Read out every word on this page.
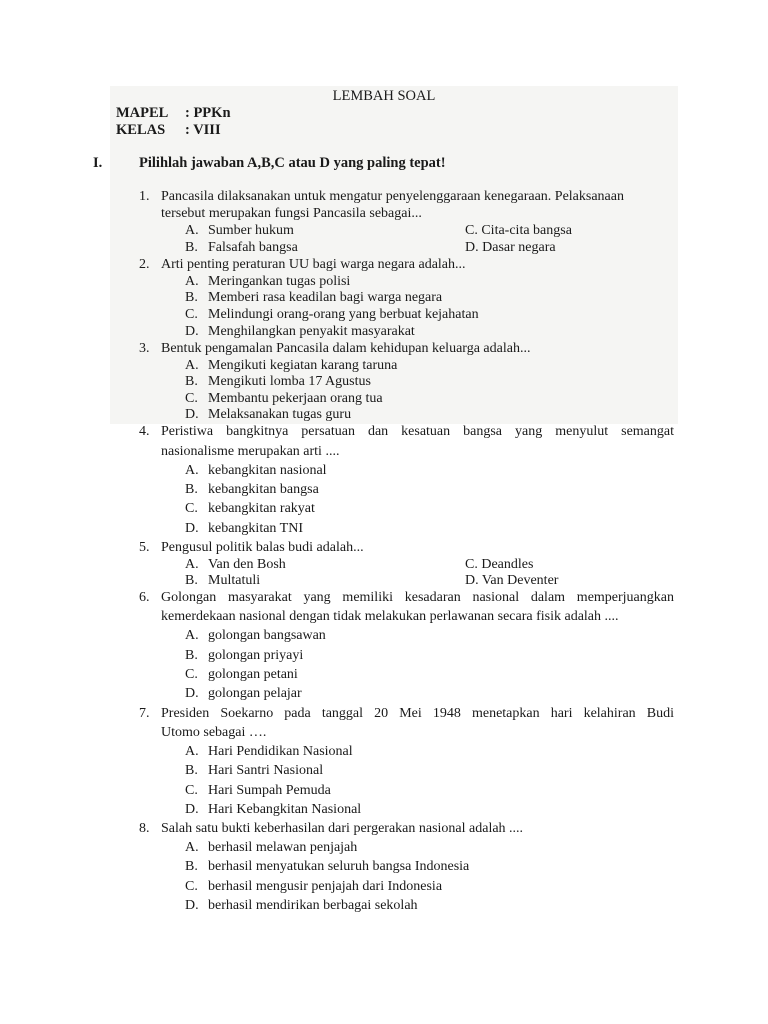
LEMBAH SOAL
MAPEL : PPKn
KELAS : VIII
I.	Pilihlah jawaban A,B,C atau D yang paling tepat!
1. Pancasila dilaksanakan untuk mengatur penyelenggaraan kenegaraan. Pelaksanaan
tersebut merupakan fungsi Pancasila sebagai...
A. Sumber hukum	C. Cita-cita bangsa
B. Falsafah bangsa	D. Dasar negara
2. Arti penting peraturan UU bagi warga negara adalah...
A. Meringankan tugas polisi
B. Memberi rasa keadilan bagi warga negara
C. Melindungi orang-orang yang berbuat kejahatan
D. Menghilangkan penyakit masyarakat
3. Bentuk pengamalan Pancasila dalam kehidupan keluarga adalah...
A. Mengikuti kegiatan karang taruna
B. Mengikuti lomba 17 Agustus
C. Membantu pekerjaan orang tua
D. Melaksanakan tugas guru
4. Peristiwa bangkitnya persatuan dan kesatuan bangsa yang menyulut semangat
nasionalisme merupakan arti ....
A. kebangkitan nasional
B. kebangkitan bangsa
C. kebangkitan rakyat
D. kebangkitan TNI
5. Pengusul politik balas budi adalah...
A. Van den Bosh	C. Deandles
B. Multatuli	D. Van Deventer
6. Golongan masyarakat yang memiliki kesadaran nasional dalam memperjuangkan
kemerdekaan nasional dengan tidak melakukan perlawanan secara fisik adalah ....
A. golongan bangsawan
B. golongan priyayi
C. golongan petani
D. golongan pelajar
7. Presiden Soekarno pada tanggal 20 Mei 1948 menetapkan hari kelahiran Budi
Utomo sebagai ….
A. Hari Pendidikan Nasional
B. Hari Santri Nasional
C. Hari Sumpah Pemuda
D. Hari Kebangkitan Nasional
8. Salah satu bukti keberhasilan dari pergerakan nasional adalah ....
A. berhasil melawan penjajah
B. berhasil menyatukan seluruh bangsa Indonesia
C. berhasil mengusir penjajah dari Indonesia
D. berhasil mendirikan berbagai sekolah
